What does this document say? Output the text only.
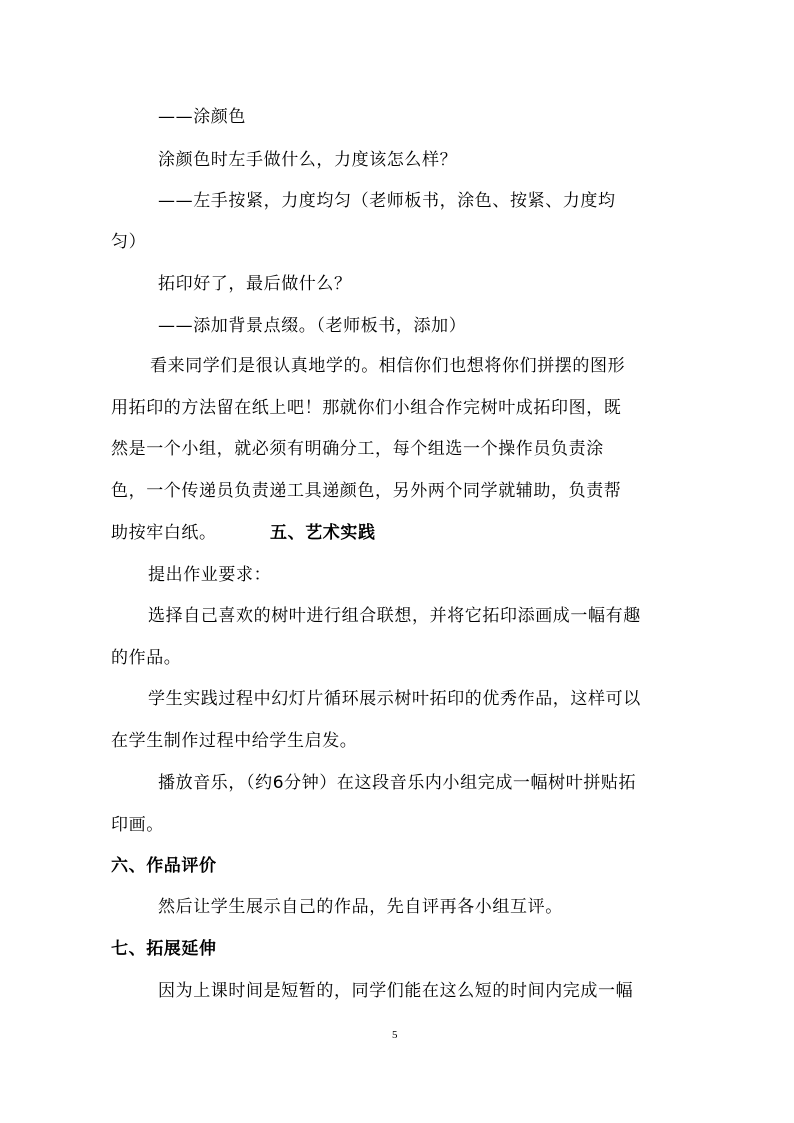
——涂颜色
涂颜色时左手做什么，力度该怎么样？
——左手按紧，力度均匀（老师板书，涂色、按紧、力度均
匀）
拓印好了，最后做什么？
——添加背景点缀。（老师板书，添加）
看来同学们是很认真地学的。相信你们也想将你们拼摆的图形
用拓印的方法留在纸上吧！那就你们小组合作完树叶成拓印图，既
然是一个小组，就必须有明确分工，每个组选一个操作员负责涂
色，一个传递员负责递工具递颜色，另外两个同学就辅助，负责帮
助按牢白纸。	五、艺术实践
提出作业要求：
选择自己喜欢的树叶进行组合联想，并将它拓印添画成一幅有趣
的作品。
学生实践过程中幻灯片循环展示树叶拓印的优秀作品，这样可以
在学生制作过程中给学生启发。
播放音乐，（约6分钟）在这段音乐内小组完成一幅树叶拼贴拓
印画。
六、作品评价
然后让学生展示自己的作品，先自评再各小组互评。
七、拓展延伸
因为上课时间是短暂的，同学们能在这么短的时间内完成一幅
5
